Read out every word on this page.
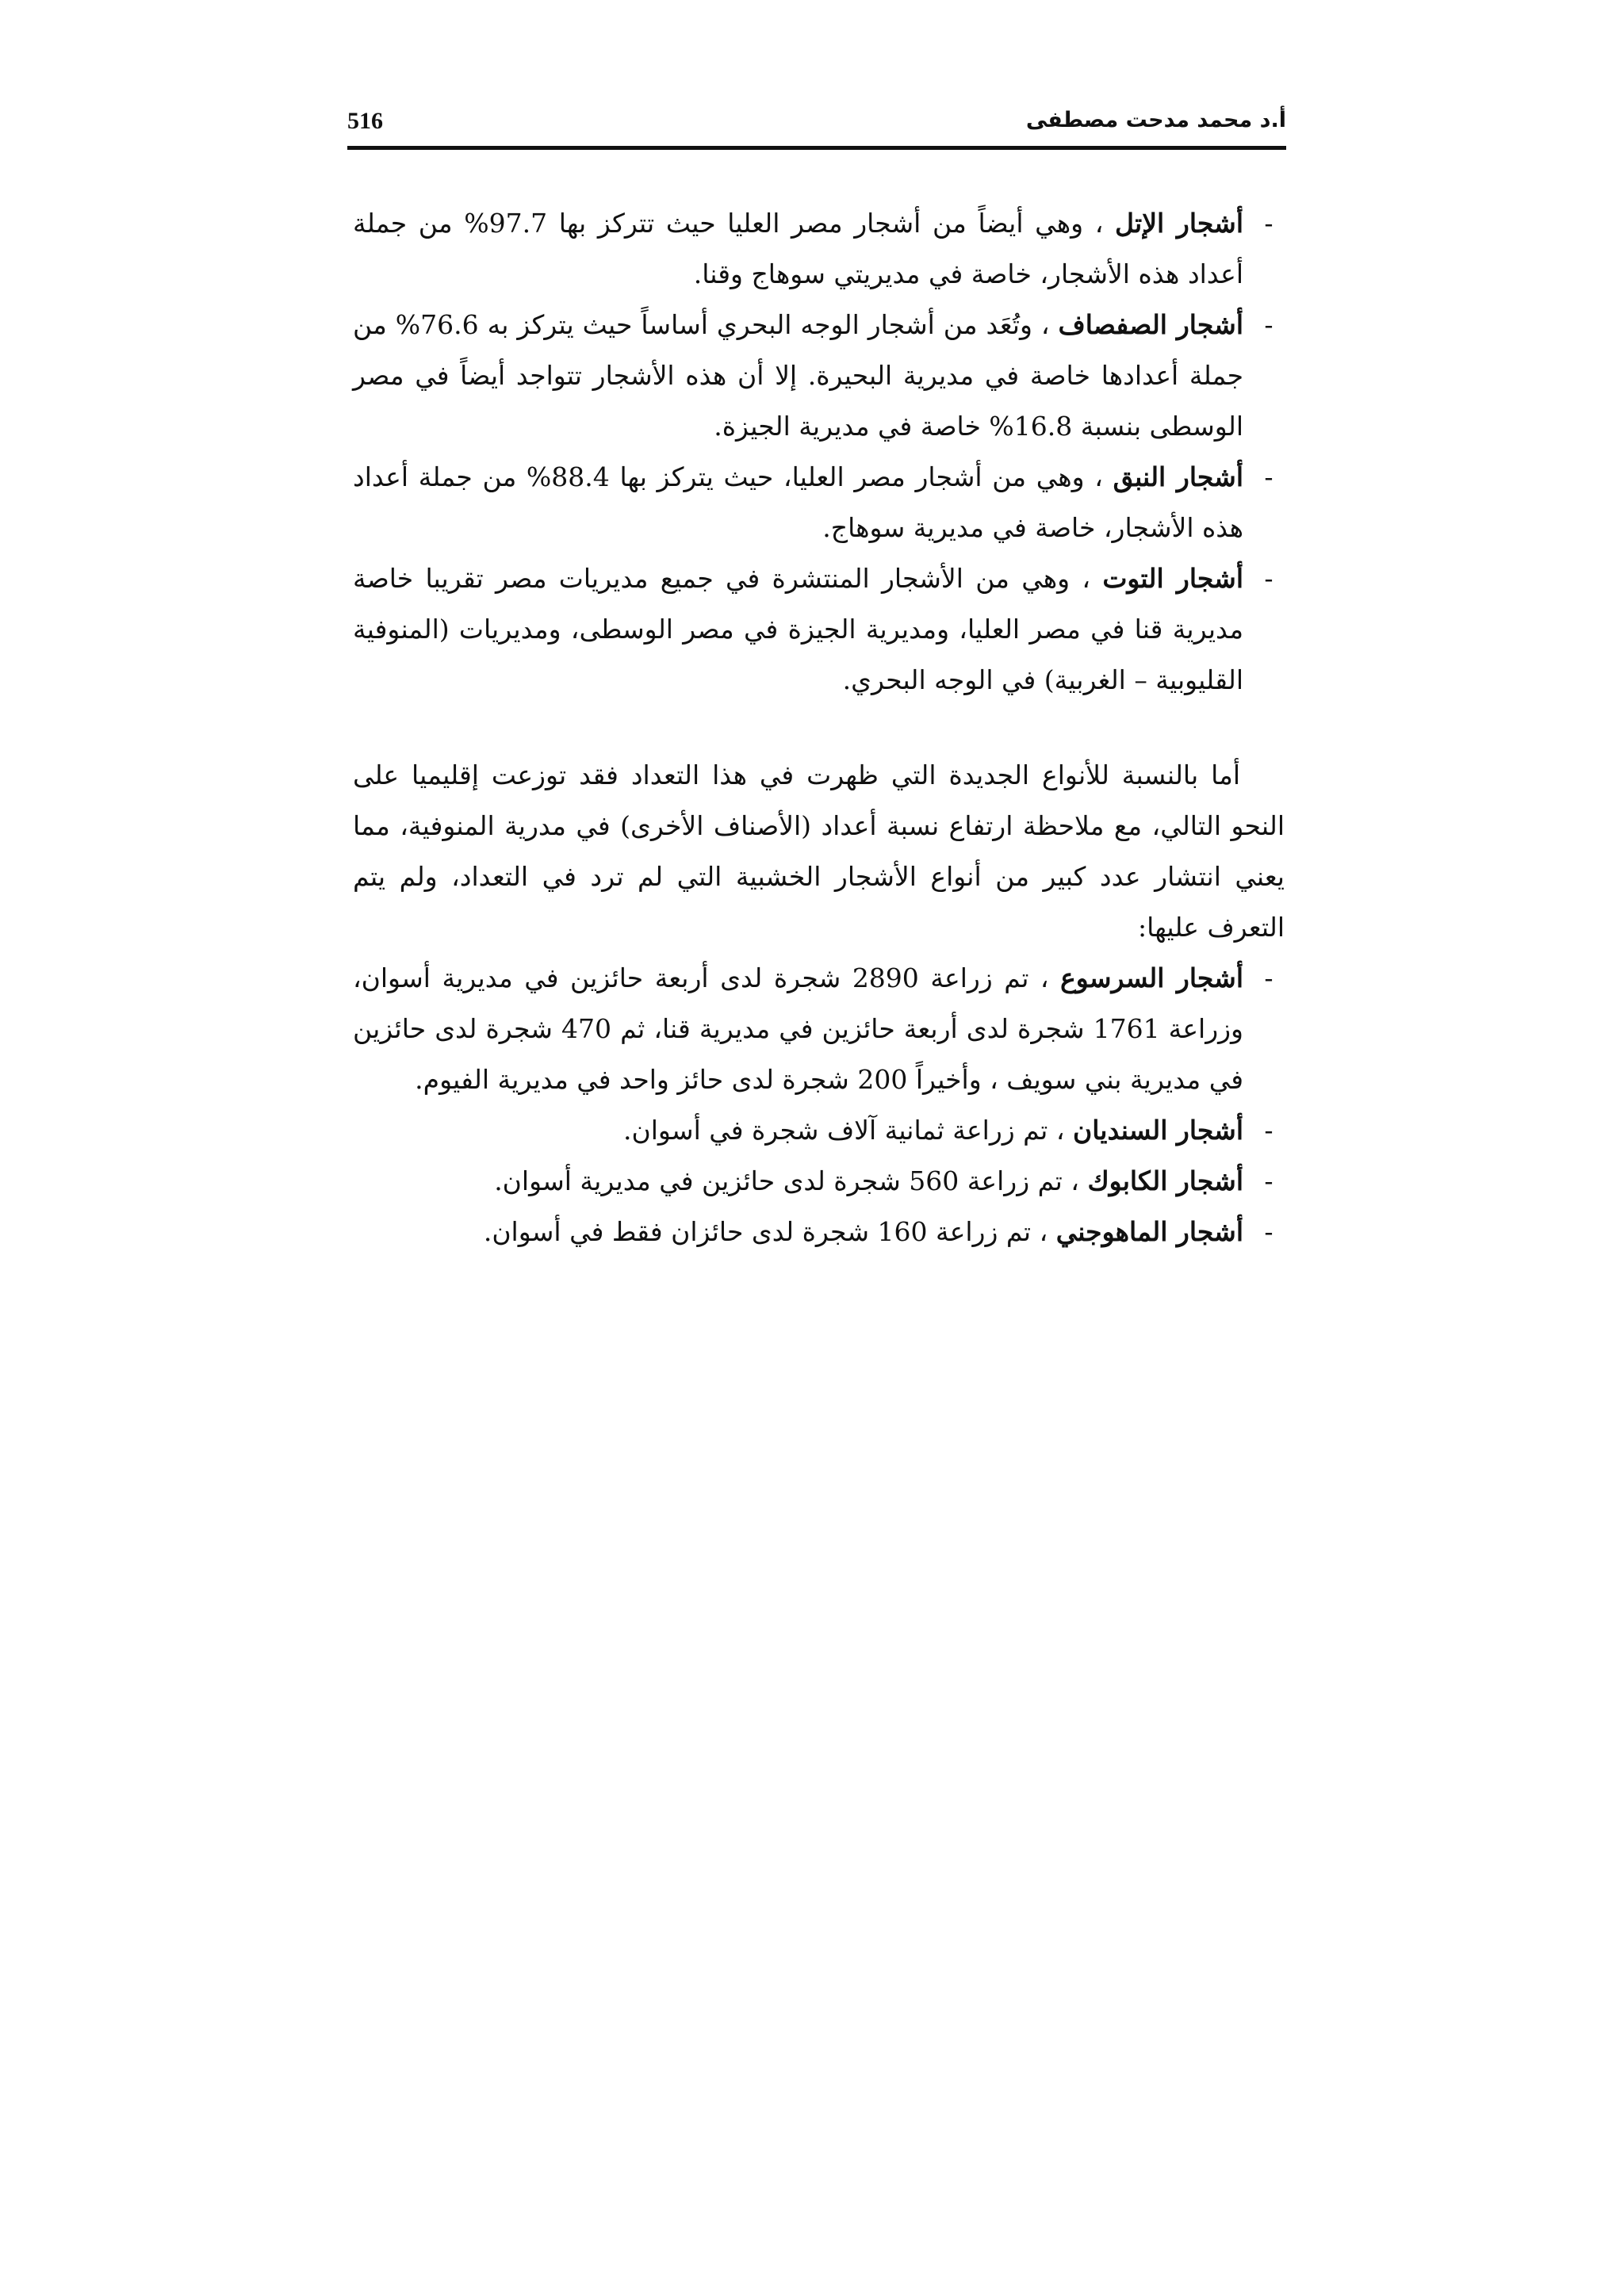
516	أ.د محمد مدحت مصطفى
-
أشجار الإتل ، وهي أيضاً من أشجار مصر العليا حيث تتركز بها 97.7% من جملة أعداد هذه الأشجار، خاصة في مديريتي سوهاج وقنا.
-
أشجار الصفصاف ، وتُعَد من أشجار الوجه البحري أساساً حيث يتركز به 76.6% من جملة أعدادها خاصة في مديرية البحيرة. إلا أن هذه الأشجار تتواجد أيضاً في مصر الوسطى بنسبة 16.8% خاصة في مديرية الجيزة.
-
أشجار النبق ، وهي من أشجار مصر العليا، حيث يتركز بها 88.4% من جملة أعداد هذه الأشجار، خاصة في مديرية سوهاج.
-
أشجار التوت ، وهي من الأشجار المنتشرة في جميع مديريات مصر تقريبا خاصة مديرية قنا في مصر العليا، ومديرية الجيزة في مصر الوسطى، ومديريات (المنوفية القليوبية – الغربية) في الوجه البحري.

أما بالنسبة للأنواع الجديدة التي ظهرت في هذا التعداد فقد توزعت إقليميا على النحو التالي، مع ملاحظة ارتفاع نسبة أعداد (الأصناف الأخرى) في مدرية المنوفية، مما يعني انتشار عدد كبير من أنواع الأشجار الخشبية التي لم ترد في التعداد، ولم يتم التعرف عليها:

-
أشجار السرسوع ، تم زراعة 2890 شجرة لدى أربعة حائزين في مديرية أسوان، وزراعة 1761 شجرة لدى أربعة حائزين في مديرية قنا، ثم 470 شجرة لدى حائزين في مديرية بني سويف ، وأخيراً 200 شجرة لدى حائز واحد في مديرية الفيوم.
-
أشجار السنديان ، تم زراعة ثمانية آلاف شجرة في أسوان.
-
أشجار الكابوك ، تم زراعة 560 شجرة لدى حائزين في مديرية أسوان.
-
أشجار الماهوجني ، تم زراعة 160 شجرة لدى حائزان فقط في أسوان.
